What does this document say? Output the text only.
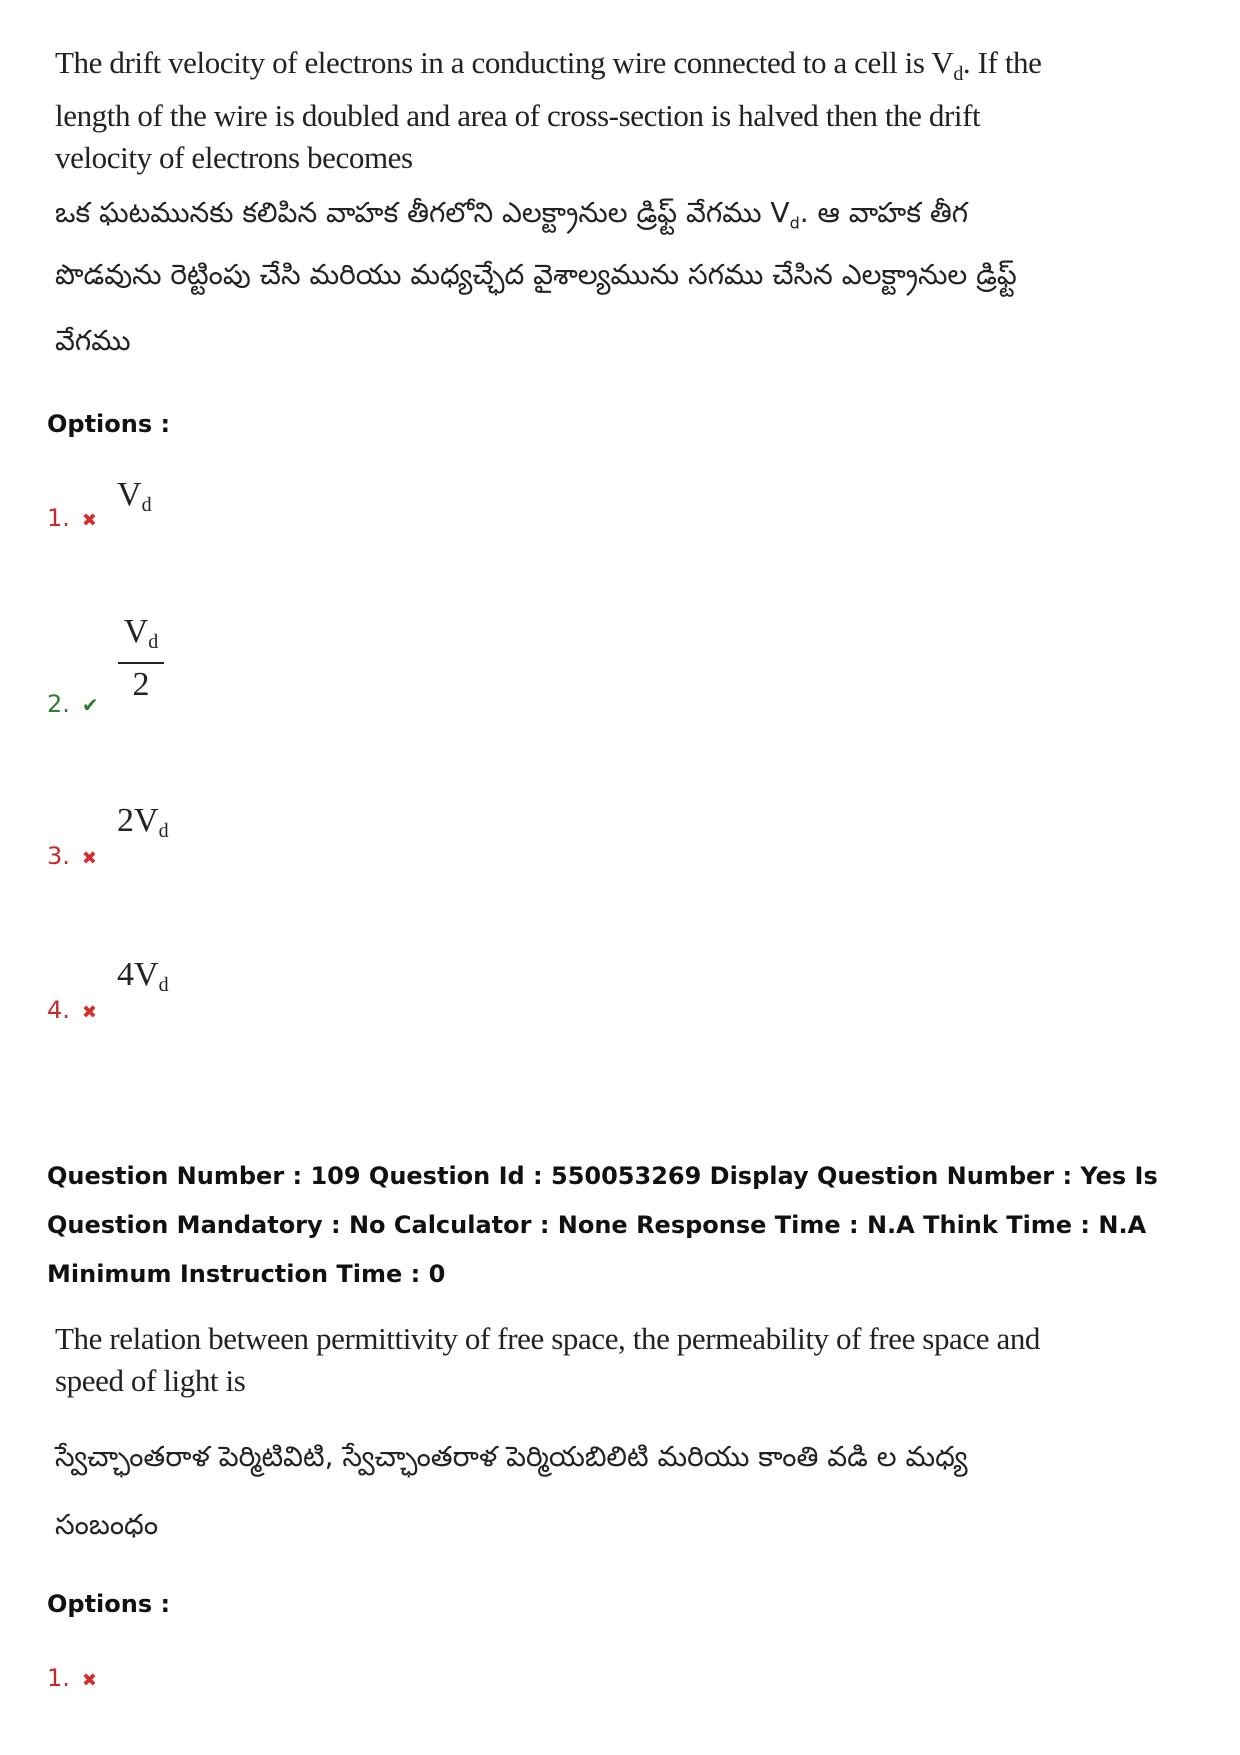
The drift velocity of electrons in a conducting wire connected to a cell is $V_d$. If the

length of the wire is doubled and area of cross-section is halved then the drift

velocity of electrons becomes

ఒక ఘటమునకు కలిపిన వాహక తీగలోని ఎలక్ట్రానుల డ్రిఫ్ట్ వేగము $V_d$. ఆ వాహక తీగ
పొడవును రెట్టింపు చేసి మరియు మధ్యచ్ఛేద వైశాల్యమును సగము చేసిన ఎలక్ట్రానుల డ్రిఫ్ట్
వేగము
Options :
1. ✖
$V_d$
2. ✔
$V_d$
2
3. ✖
$2V_d$
4. ✖
$4V_d$
Question Number : 109 Question Id : 550053269 Display Question Number : Yes Is Question Mandatory : No Calculator : None Response Time : N.A Think Time : N.A Minimum Instruction Time : 0

The relation between permittivity of free space, the permeability of free space and

speed of light is

స్వేచ్ఛాంతరాళ పెర్మిటివిటి, స్వేచ్ఛాంతరాళ పెర్మియబిలిటి మరియు కాంతి వడి ల మధ్య
సంబంధం
Options :
1. ✖
